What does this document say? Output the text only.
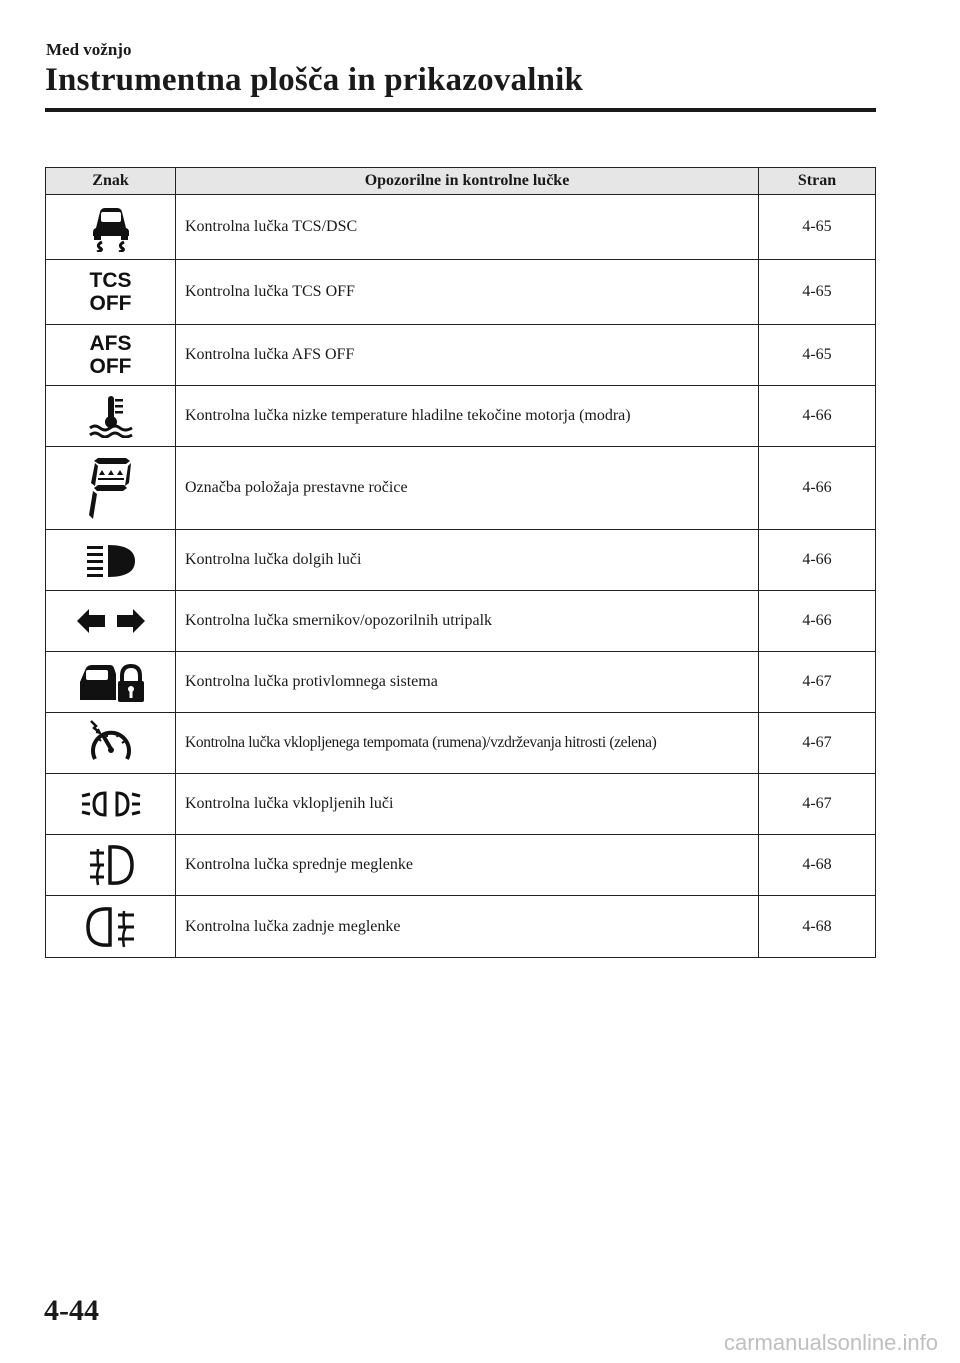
Med vožnjo
Instrumentna plošča in prikazovalnik
Znak	Opozorilne in kontrolne lučke	Stran

	Kontrolna lučka TCS/DSC	4-65

TCS
OFF	Kontrolna lučka TCS OFF	4-65

AFS
OFF	Kontrolna lučka AFS OFF	4-65

	Kontrolna lučka nizke temperature hladilne tekočine motorja (modra)	4-66

	Označba položaja prestavne ročice	4-66

	Kontrolna lučka dolgih luči	4-66

	Kontrolna lučka smernikov/opozorilnih utripalk	4-66

	Kontrolna lučka protivlomnega sistema	4-67

	Kontrolna lučka vklopljenega tempomata (rumena)/vzdrževanja hitrosti (zelena)	4-67

	Kontrolna lučka vklopljenih luči	4-67

	Kontrolna lučka sprednje meglenke	4-68

	Kontrolna lučka zadnje meglenke	4-68
4-44
carmanualsonline.info
